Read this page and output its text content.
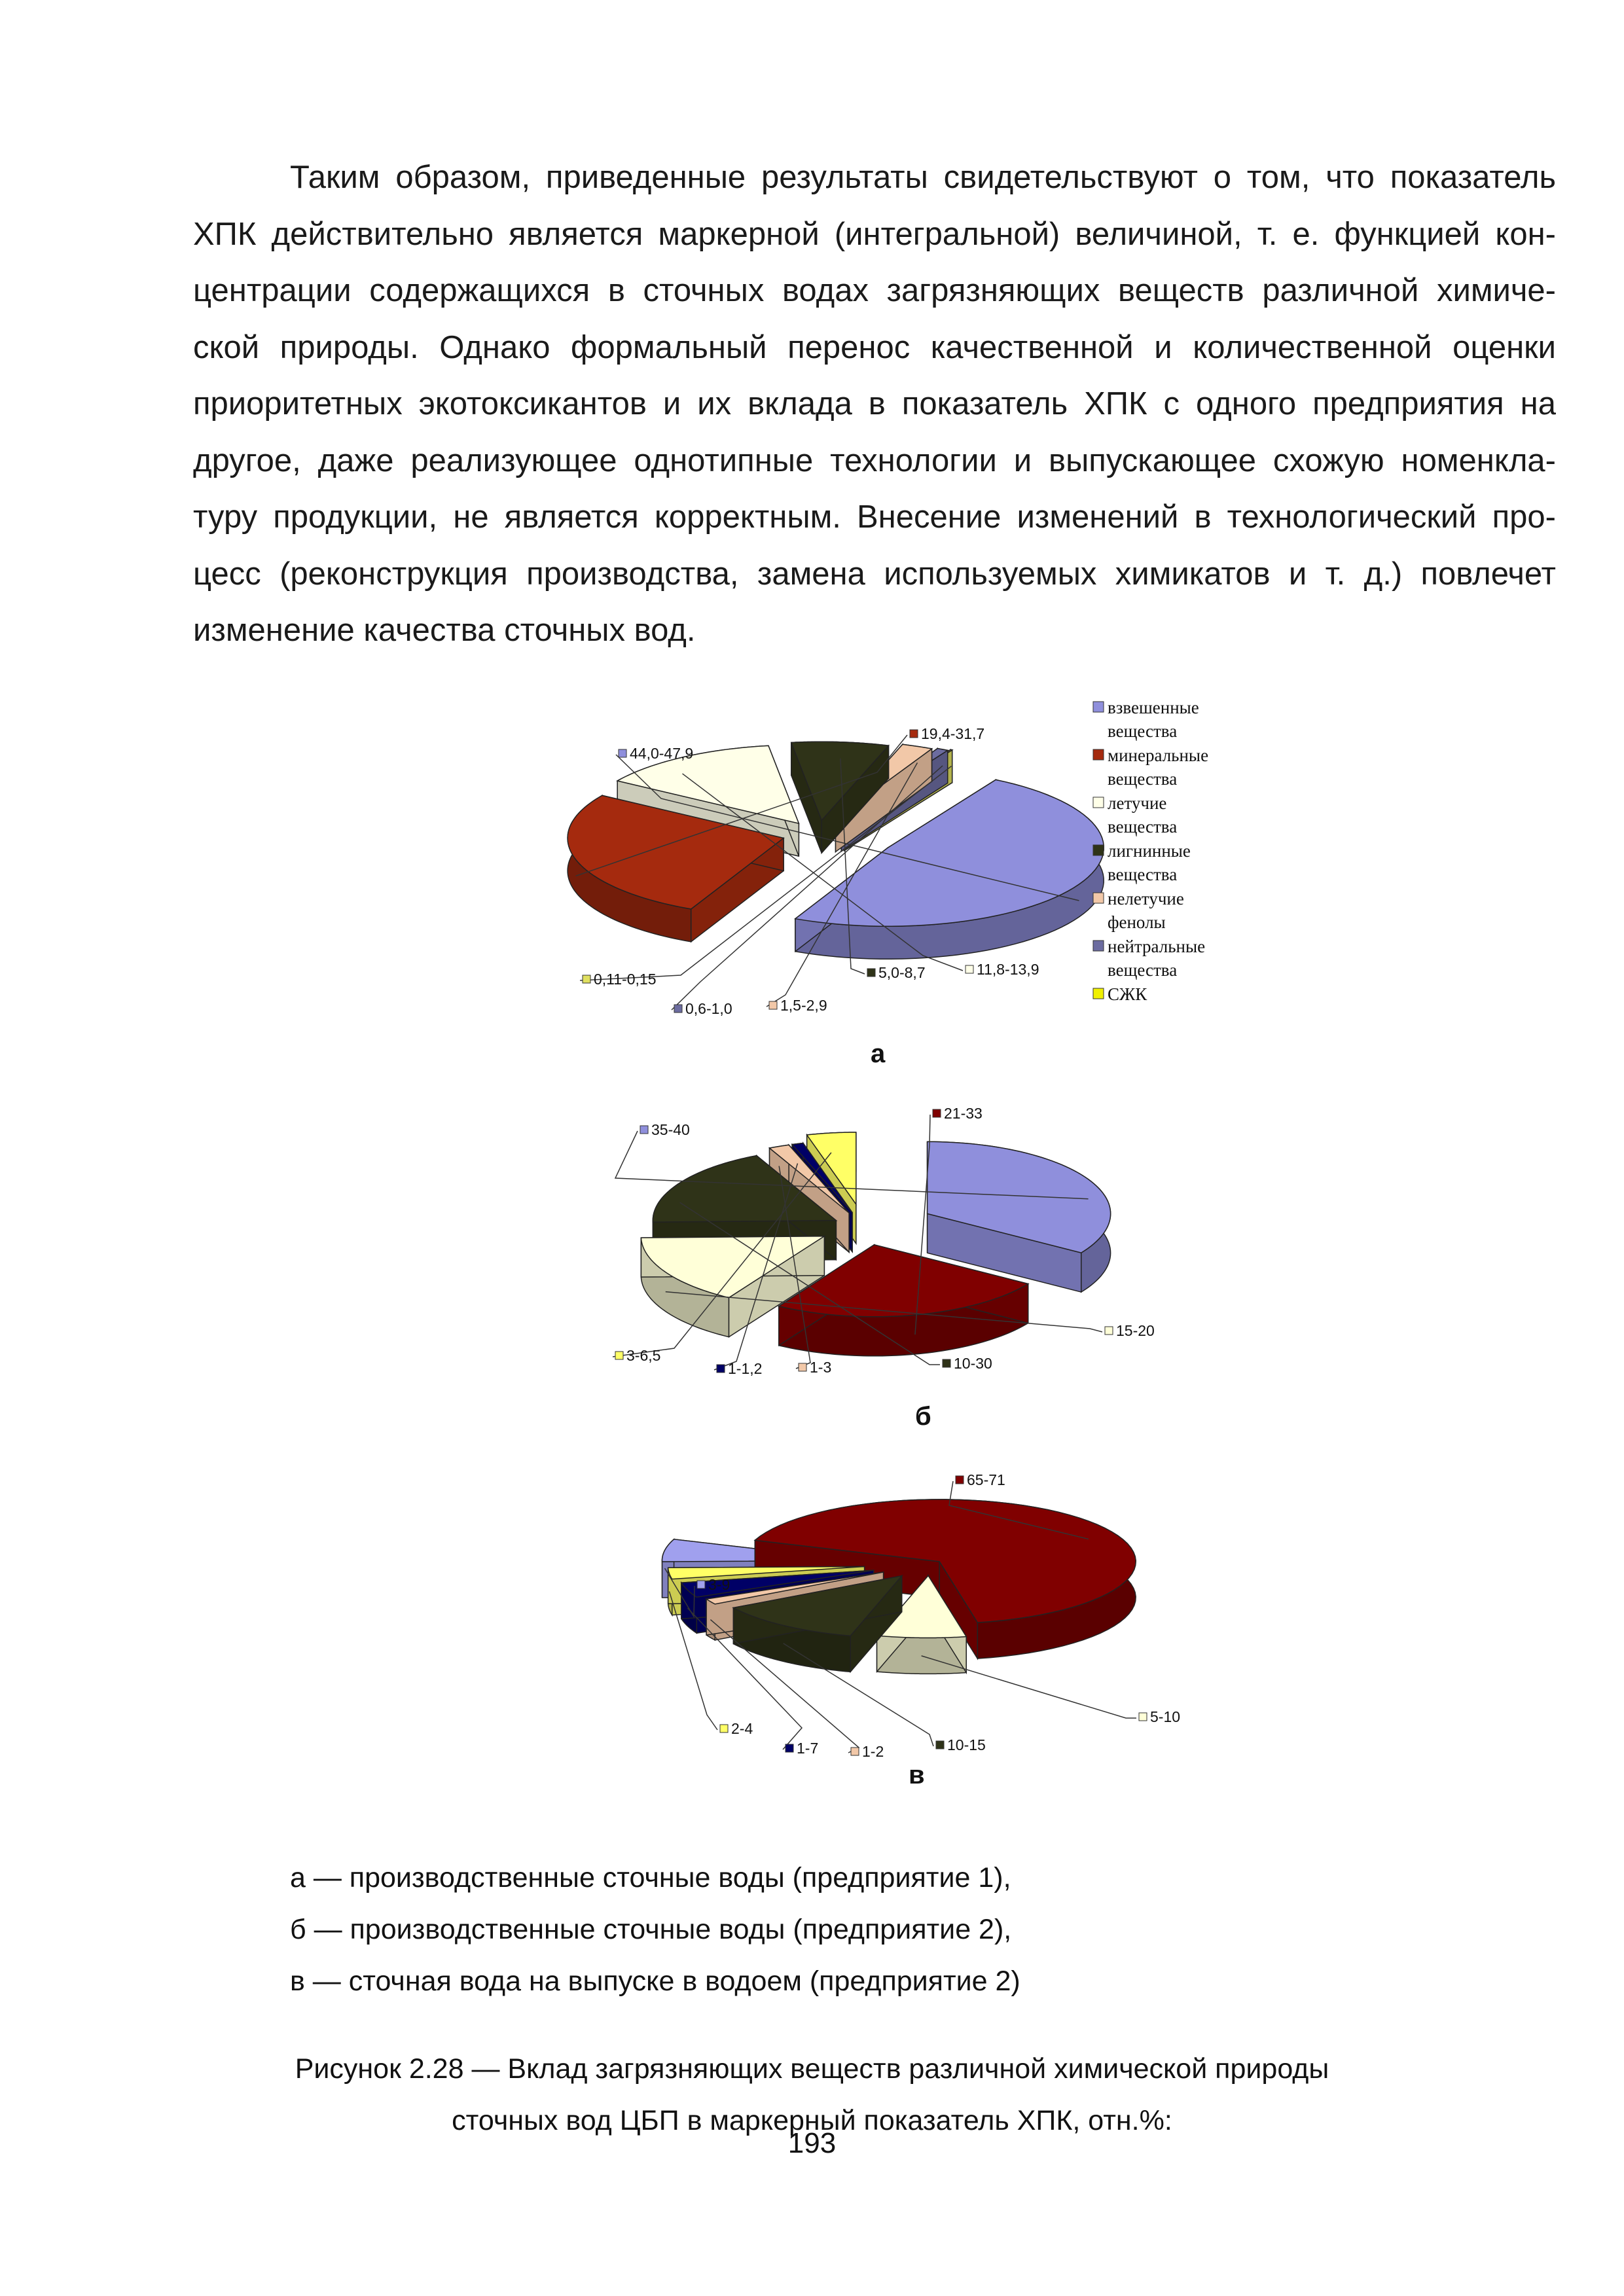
Таким образом, приведенные результаты свидетельствуют о том, что показатель
ХПК действительно является маркерной (интегральной) величиной, т. е. функцией кон-
центрации содержащихся в сточных водах загрязняющих веществ различной химиче-
ской природы. Однако формальный перенос качественной и количественной оценки
приоритетных экотоксикантов и их вклада в показатель ХПК с одного предприятия на
другое, даже реализующее однотипные технологии и выпускающее схожую номенкла-
туру продукции, не является корректным. Внесение изменений в технологический про-
цесс (реконструкция производства, замена используемых химикатов и т. д.) повлечет
изменение качества сточных вод.
44,0-47,9
19,4-31,7
11,8-13,9
5,0-8,7
1,5-2,9
0,6-1,0
0,11-0,15
взвешенные
вещества
минеральные
вещества
летучие
вещества
лигнинные
вещества
нелетучие
фенолы
нейтральные
вещества
СЖК
а
35-40
21-33
15-20
10-30
1-3
1-1,2
3-6,5
б
65-71
5-10
10-15
1-2
1-7
2-4
3-9
в
а — производственные сточные воды (предприятие 1),
б — производственные сточные воды (предприятие 2),
в — сточная вода на выпуске в водоем (предприятие 2)
Рисунок 2.28 — Вклад загрязняющих веществ различной химической природы
сточных вод ЦБП в маркерный показатель ХПК, отн.%:
193
